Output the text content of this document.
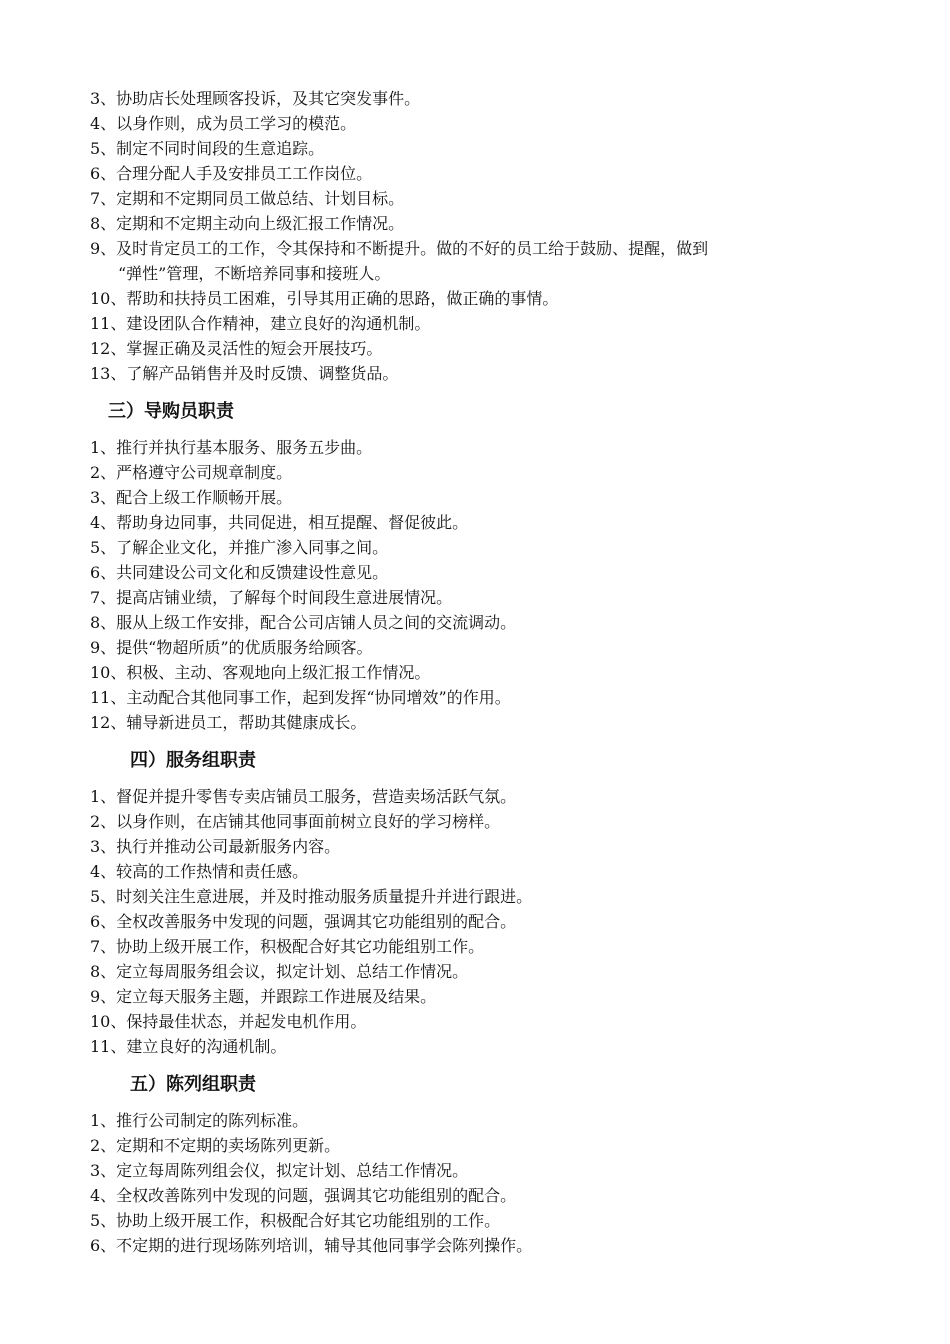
3、协助店长处理顾客投诉，及其它突发事件。
4、以身作则，成为员工学习的模范。
5、制定不同时间段的生意追踪。
6、合理分配人手及安排员工工作岗位。
7、定期和不定期同员工做总结、计划目标。
8、定期和不定期主动向上级汇报工作情况。
9、及时肯定员工的工作，令其保持和不断提升。做的不好的员工给于鼓励、提醒，做到
“弹性”管理，不断培养同事和接班人。
10、帮助和扶持员工困难，引导其用正确的思路，做正确的事情。
11、建设团队合作精神，建立良好的沟通机制。
12、掌握正确及灵活性的短会开展技巧。
13、了解产品销售并及时反馈、调整货品。
三）导购员职责
1、推行并执行基本服务、服务五步曲。
2、严格遵守公司规章制度。
3、配合上级工作顺畅开展。
4、帮助身边同事，共同促进，相互提醒、督促彼此。
5、了解企业文化，并推广渗入同事之间。
6、共同建设公司文化和反馈建设性意见。
7、提高店铺业绩，了解每个时间段生意进展情况。
8、服从上级工作安排，配合公司店铺人员之间的交流调动。
9、提供“物超所质”的优质服务给顾客。
10、积极、主动、客观地向上级汇报工作情况。
11、主动配合其他同事工作，起到发挥“协同增效”的作用。
12、辅导新进员工，帮助其健康成长。
四）服务组职责
1、督促并提升零售专卖店铺员工服务，营造卖场活跃气氛。
2、以身作则，在店铺其他同事面前树立良好的学习榜样。
3、执行并推动公司最新服务内容。
4、较高的工作热情和责任感。
5、时刻关注生意进展，并及时推动服务质量提升并进行跟进。
6、全权改善服务中发现的问题，强调其它功能组别的配合。
7、协助上级开展工作，积极配合好其它功能组别工作。
8、定立每周服务组会议，拟定计划、总结工作情况。
9、定立每天服务主题，并跟踪工作进展及结果。
10、保持最佳状态，并起发电机作用。
11、建立良好的沟通机制。
五）陈列组职责
1、推行公司制定的陈列标准。
2、定期和不定期的卖场陈列更新。
3、定立每周陈列组会仪，拟定计划、总结工作情况。
4、全权改善陈列中发现的问题，强调其它功能组别的配合。
5、协助上级开展工作，积极配合好其它功能组别的工作。
6、不定期的进行现场陈列培训，辅导其他同事学会陈列操作。
